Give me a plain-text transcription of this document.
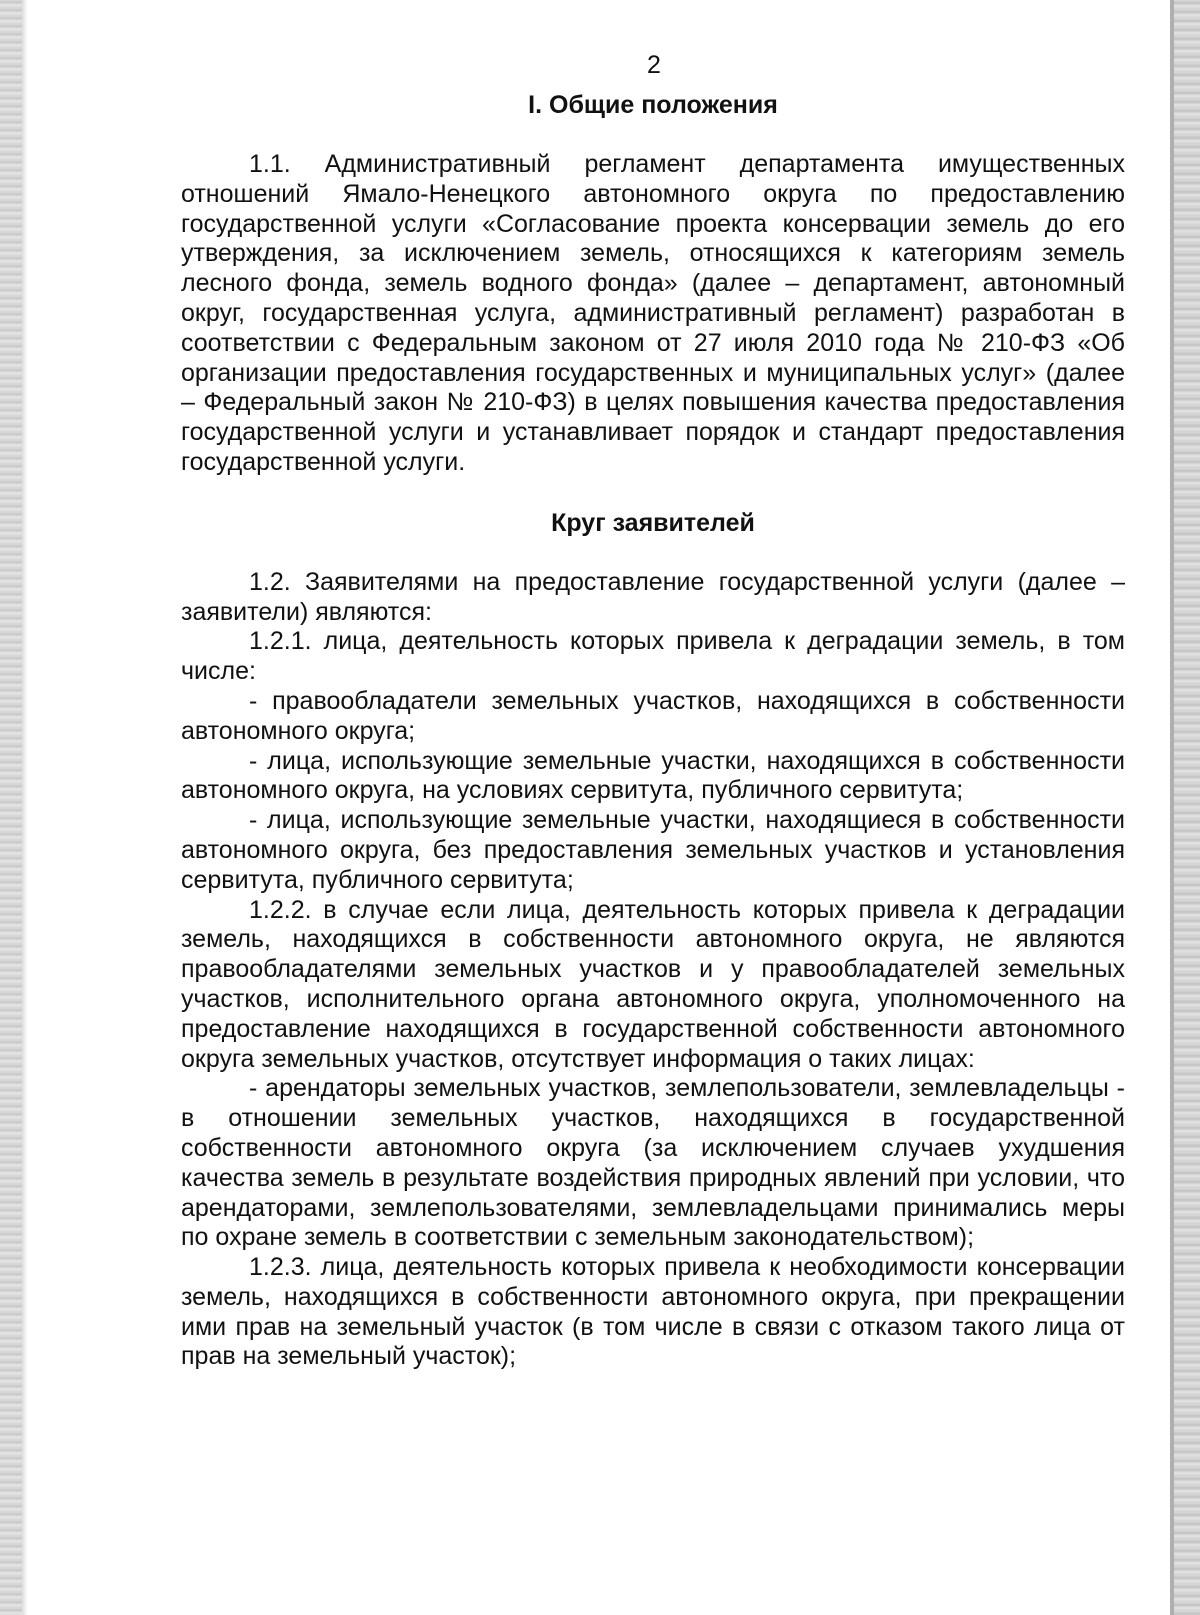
2
I. Общие положения

1.1. Административный регламент департамента имущественных отношений Ямало-Ненецкого автономного округа по предоставлению государственной услуги «Согласование проекта консервации земель до его утверждения, за исключением земель, относящихся к категориям земель лесного фонда, земель водного фонда» (далее – департамент, автономный округ, государственная услуга, административный регламент) разработан в соответствии с Федеральным законом от 27 июля 2010 года № 210-ФЗ «Об организации предоставления государственных и муниципальных услуг» (далее – Федеральный закон № 210-ФЗ) в целях повышения качества предоставления государственной услуги и устанавливает порядок и стандарт предоставления государственной услуги.

Круг заявителей

1.2. Заявителями на предоставление государственной услуги (далее – заявители) являются:

1.2.1. лица, деятельность которых привела к деградации земель, в том числе:

- правообладатели земельных участков, находящихся в собственности автономного округа;

- лица, использующие земельные участки, находящихся в собственности автономного округа, на условиях сервитута, публичного сервитута;

- лица, использующие земельные участки, находящиеся в собственности автономного округа, без предоставления земельных участков и установления сервитута, публичного сервитута;

1.2.2. в случае если лица, деятельность которых привела к деградации земель, находящихся в собственности автономного округа, не являются правообладателями земельных участков и у правообладателей земельных участков, исполнительного органа автономного округа, уполномоченного на предоставление находящихся в государственной собственности автономного округа земельных участков, отсутствует информация о таких лицах:

- арендаторы земельных участков, землепользователи, землевладельцы - в отношении земельных участков, находящихся в государственной собственности автономного округа (за исключением случаев ухудшения качества земель в результате воздействия природных явлений при условии, что арендаторами, землепользователями, землевладельцами принимались меры по охране земель в соответствии с земельным законодательством);

1.2.3. лица, деятельность которых привела к необходимости консервации земель, находящихся в собственности автономного округа, при прекращении ими прав на земельный участок (в том числе в связи с отказом такого лица от прав на земельный участок);
